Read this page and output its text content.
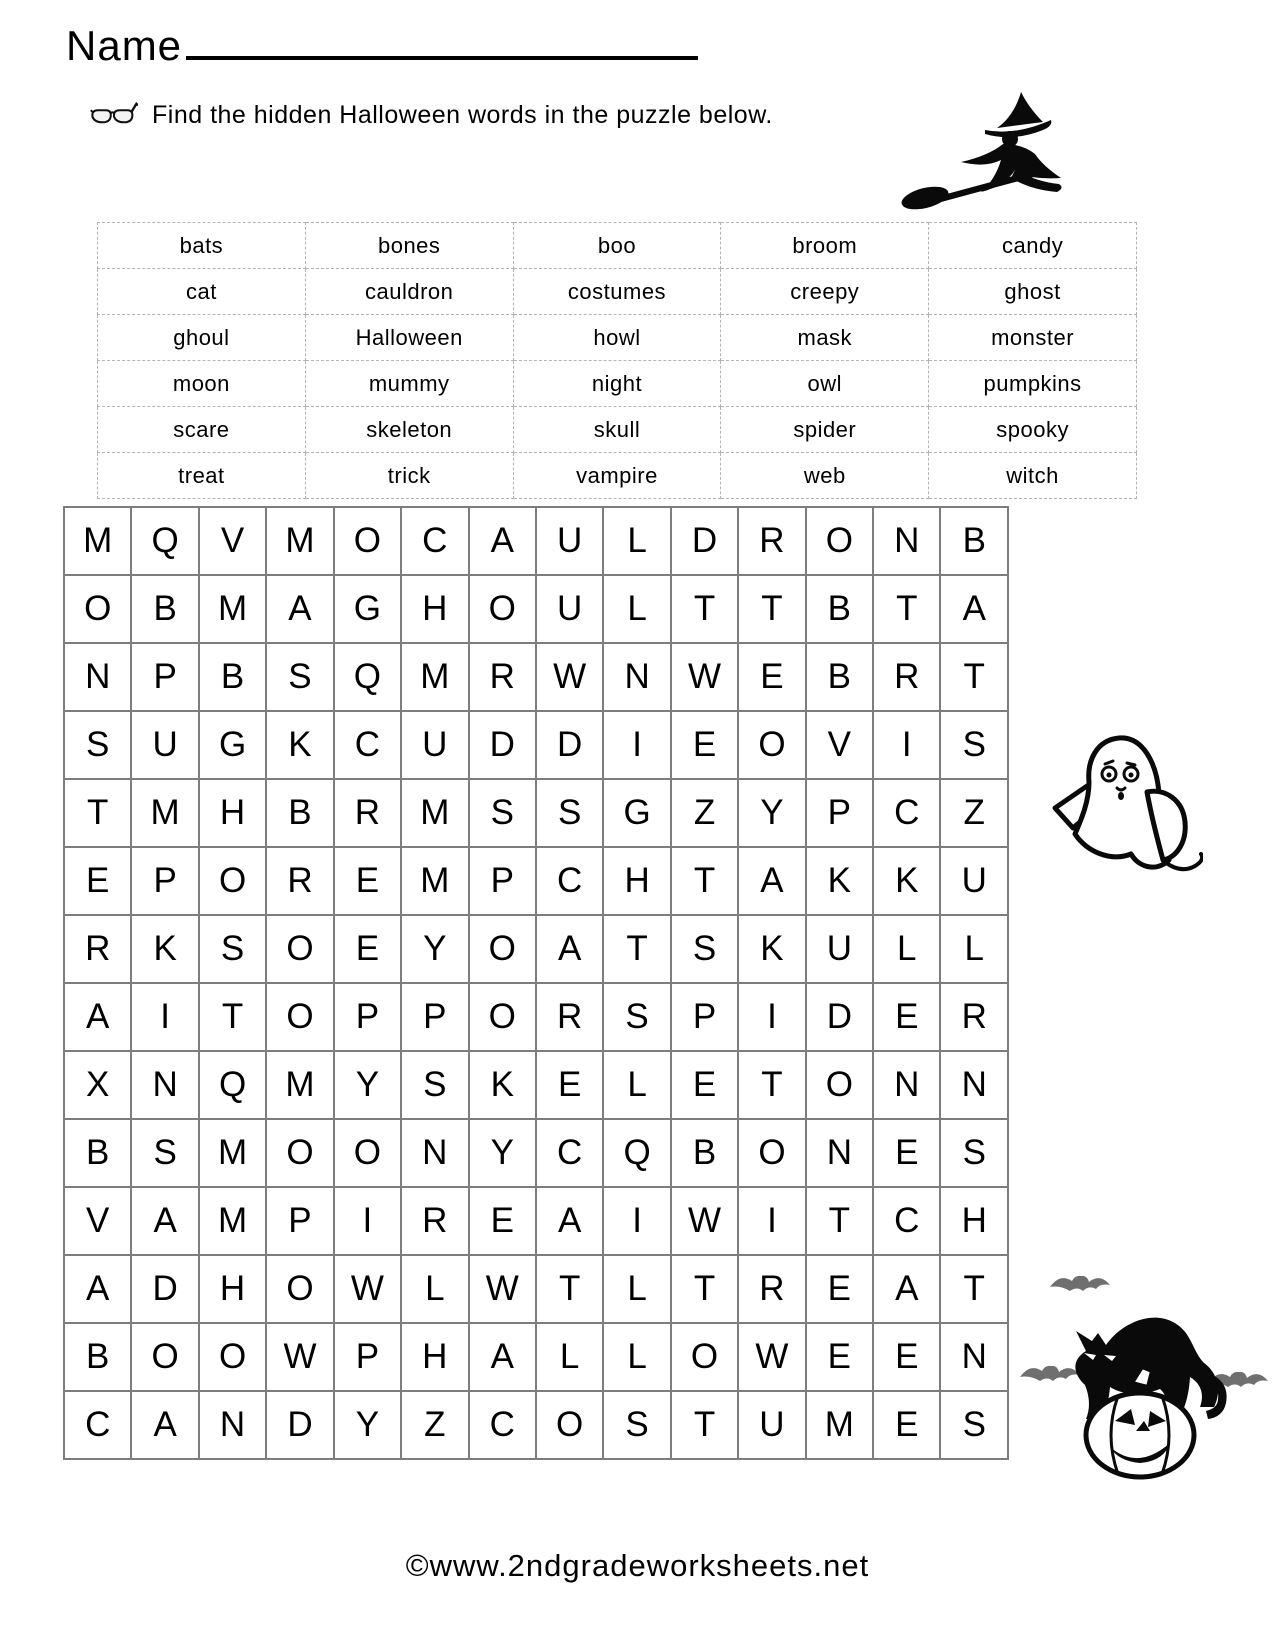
Name
Find the hidden Halloween words in the puzzle below.
bats	bones	boo	broom	candy
cat	cauldron	costumes	creepy	ghost
ghoul	Halloween	howl	mask	monster
moon	mummy	night	owl	pumpkins
scare	skeleton	skull	spider	spooky
treat	trick	vampire	web	witch
M	Q	V	M	O	C	A	U	L	D	R	O	N	B
O	B	M	A	G	H	O	U	L	T	T	B	T	A
N	P	B	S	Q	M	R	W	N	W	E	B	R	T
S	U	G	K	C	U	D	D	I	E	O	V	I	S
T	M	H	B	R	M	S	S	G	Z	Y	P	C	Z
E	P	O	R	E	M	P	C	H	T	A	K	K	U
R	K	S	O	E	Y	O	A	T	S	K	U	L	L
A	I	T	O	P	P	O	R	S	P	I	D	E	R
X	N	Q	M	Y	S	K	E	L	E	T	O	N	N
B	S	M	O	O	N	Y	C	Q	B	O	N	E	S
V	A	M	P	I	R	E	A	I	W	I	T	C	H
A	D	H	O	W	L	W	T	L	T	R	E	A	T
B	O	O	W	P	H	A	L	L	O	W	E	E	N
C	A	N	D	Y	Z	C	O	S	T	U	M	E	S
©www.2ndgradeworksheets.net
